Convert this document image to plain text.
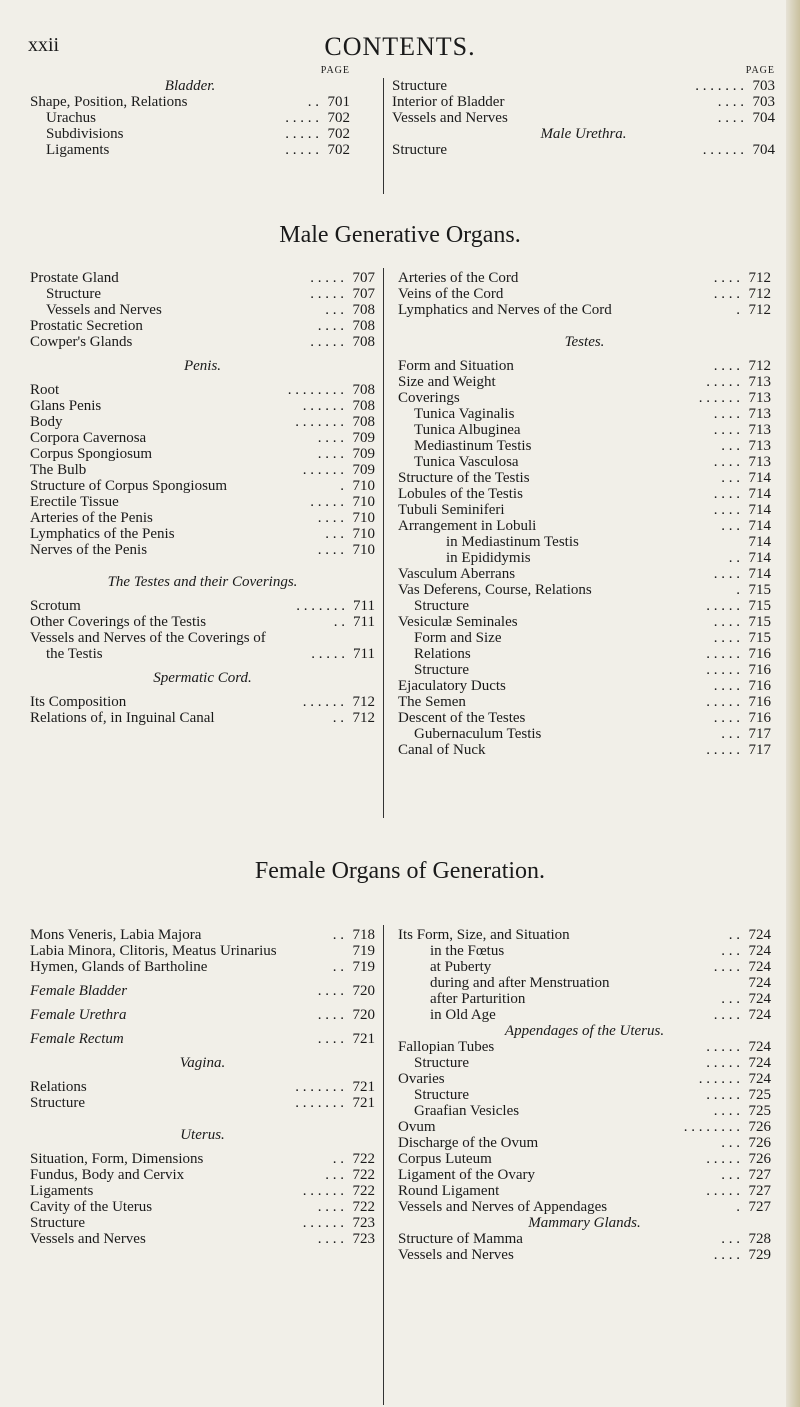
xxii	CONTENTS.
PAGE
Bladder.
Shape, Position, Relations	701
. .
Urachus	702
. . . . .
Subdivisions	702
. . . . .
Ligaments	702
. . . . .
PAGE
Structure	703
. . . . . . .
Interior of Bladder	703
. . . .
Vessels and Nerves	704
. . . .
Male Urethra.
Structure	704
. . . . . .
Male Generative Organs.
Prostate Gland	707
. . . . .
Structure	707
. . . . .
Vessels and Nerves	708
. . .
Prostatic Secretion	708
. . . .
Cowper's Glands	708
. . . . .
Penis.
Root	708
. . . . . . . .
Glans Penis	708
. . . . . .
Body	708
. . . . . . .
Corpora Cavernosa	709
. . . .
Corpus Spongiosum	709
. . . .
The Bulb	709
. . . . . .
Structure of Corpus Spongiosum	710
.
Erectile Tissue	710
. . . . .
Arteries of the Penis	710
. . . .
Lymphatics of the Penis	710
. . .
Nerves of the Penis	710
. . . .
The Testes and their Coverings.
Scrotum	711
. . . . . . .
Other Coverings of the Testis	711
. .
Vessels and Nerves of the Coverings of
the Testis	711
. . . . .
Spermatic Cord.
Its Composition	712
. . . . . .
Relations of, in Inguinal Canal	712
. .
Arteries of the Cord	712
. . . .
Veins of the Cord	712
. . . .
Lymphatics and Nerves of the Cord	712
.
Testes.
Form and Situation	712
. . . .
Size and Weight	713
. . . . .
Coverings	713
. . . . . .
Tunica Vaginalis	713
. . . .
Tunica Albuginea	713
. . . .
Mediastinum Testis	713
. . .
Tunica Vasculosa	713
. . . .
Structure of the Testis	714
. . .
Lobules of the Testis	714
. . . .
Tubuli Seminiferi	714
. . . .
Arrangement in Lobuli	714
. . .
in Mediastinum Testis	714
in Epididymis	714
. .
Vasculum Aberrans	714
. . . .
Vas Deferens, Course, Relations	715
.
Structure	715
. . . . .
Vesiculæ Seminales	715
. . . .
Form and Size	715
. . . .
Relations	716
. . . . .
Structure	716
. . . . .
Ejaculatory Ducts	716
. . . .
The Semen	716
. . . . .
Descent of the Testes	716
. . . .
Gubernaculum Testis	717
. . .
Canal of Nuck	717
. . . . .
Female Organs of Generation.
Mons Veneris, Labia Majora	718
. .
Labia Minora, Clitoris, Meatus Urinarius	719
Hymen, Glands of Bartholine	719
. .
Female Bladder	720
. . . .
Female Urethra	720
. . . .
Female Rectum	721
. . . .
Vagina.
Relations	721
. . . . . . .
Structure	721
. . . . . . .
Uterus.
Situation, Form, Dimensions	722
. .
Fundus, Body and Cervix	722
. . .
Ligaments	722
. . . . . .
Cavity of the Uterus	722
. . . .
Structure	723
. . . . . .
Vessels and Nerves	723
. . . .
Its Form, Size, and Situation	724
. .
in the Fœtus	724
. . .
at Puberty	724
. . . .
during and after Menstruation	724
after Parturition	724
. . .
in Old Age	724
. . . .
Appendages of the Uterus.
Fallopian Tubes	724
. . . . .
Structure	724
. . . . .
Ovaries	724
. . . . . .
Structure	725
. . . . .
Graafian Vesicles	725
. . . .
Ovum	726
. . . . . . . .
Discharge of the Ovum	726
. . .
Corpus Luteum	726
. . . . .
Ligament of the Ovary	727
. . .
Round Ligament	727
. . . . .
Vessels and Nerves of Appendages	727
.
Mammary Glands.
Structure of Mamma	728
. . .
Vessels and Nerves	729
. . . .
